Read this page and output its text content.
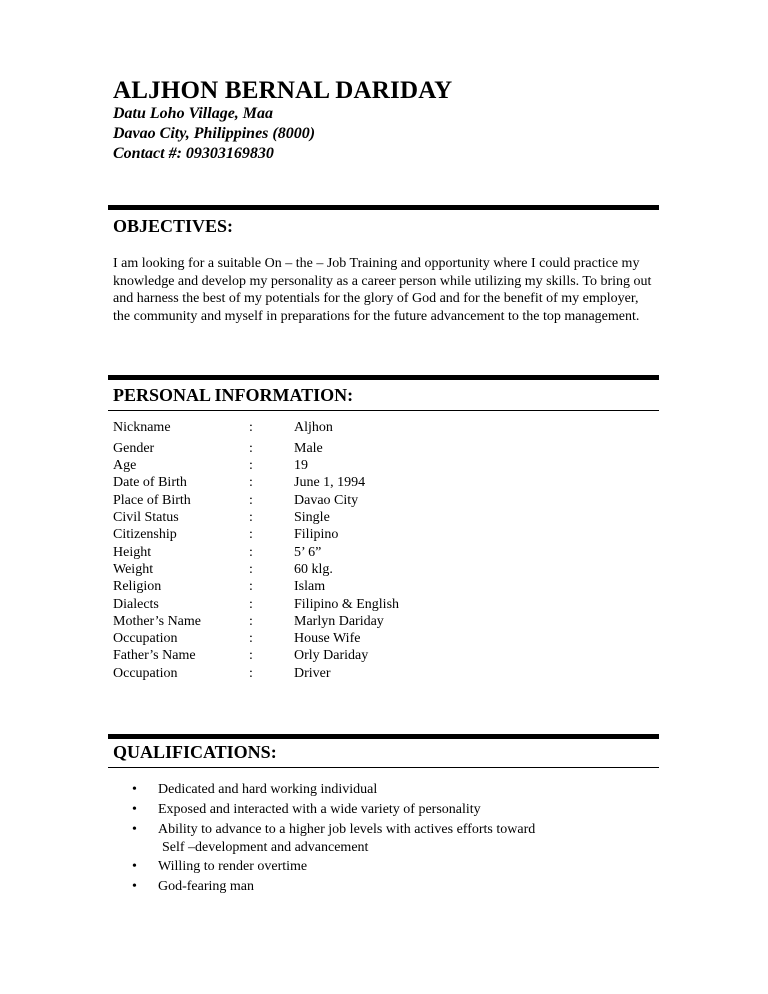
ALJHON BERNAL DARIDAY
Datu Loho Village, Maa
Davao City, Philippines (8000)
Contact #: 09303169830
OBJECTIVES:

I am looking for a suitable On – the – Job Training and opportunity where I could practice my knowledge and develop my personality as a career person while utilizing my skills. To bring out and harness the best of my potentials for the glory of God and for the benefit of my employer, the community and myself in preparations for the future advancement to the top management.

PERSONAL INFORMATION:
Nickname	:	Aljhon
Gender	:	Male
Age	:	19
Date of Birth	:	June 1, 1994
Place of Birth	:	Davao City
Civil Status	:	Single
Citizenship	:	Filipino
Height	:	5’ 6”
Weight	:	60 klg.
Religion	:	Islam
Dialects	:	Filipino & English
Mother’s Name	:	Marlyn Dariday
Occupation	:	House Wife
Father’s Name	:	Orly Dariday
Occupation	:	Driver
QUALIFICATIONS:
• Dedicated and hard working individual
• Exposed and interacted with a wide variety of personality
• Ability to advance to a higher job levels with actives efforts toward
Self –development and advancement
• Willing to render overtime
• God-fearing man
